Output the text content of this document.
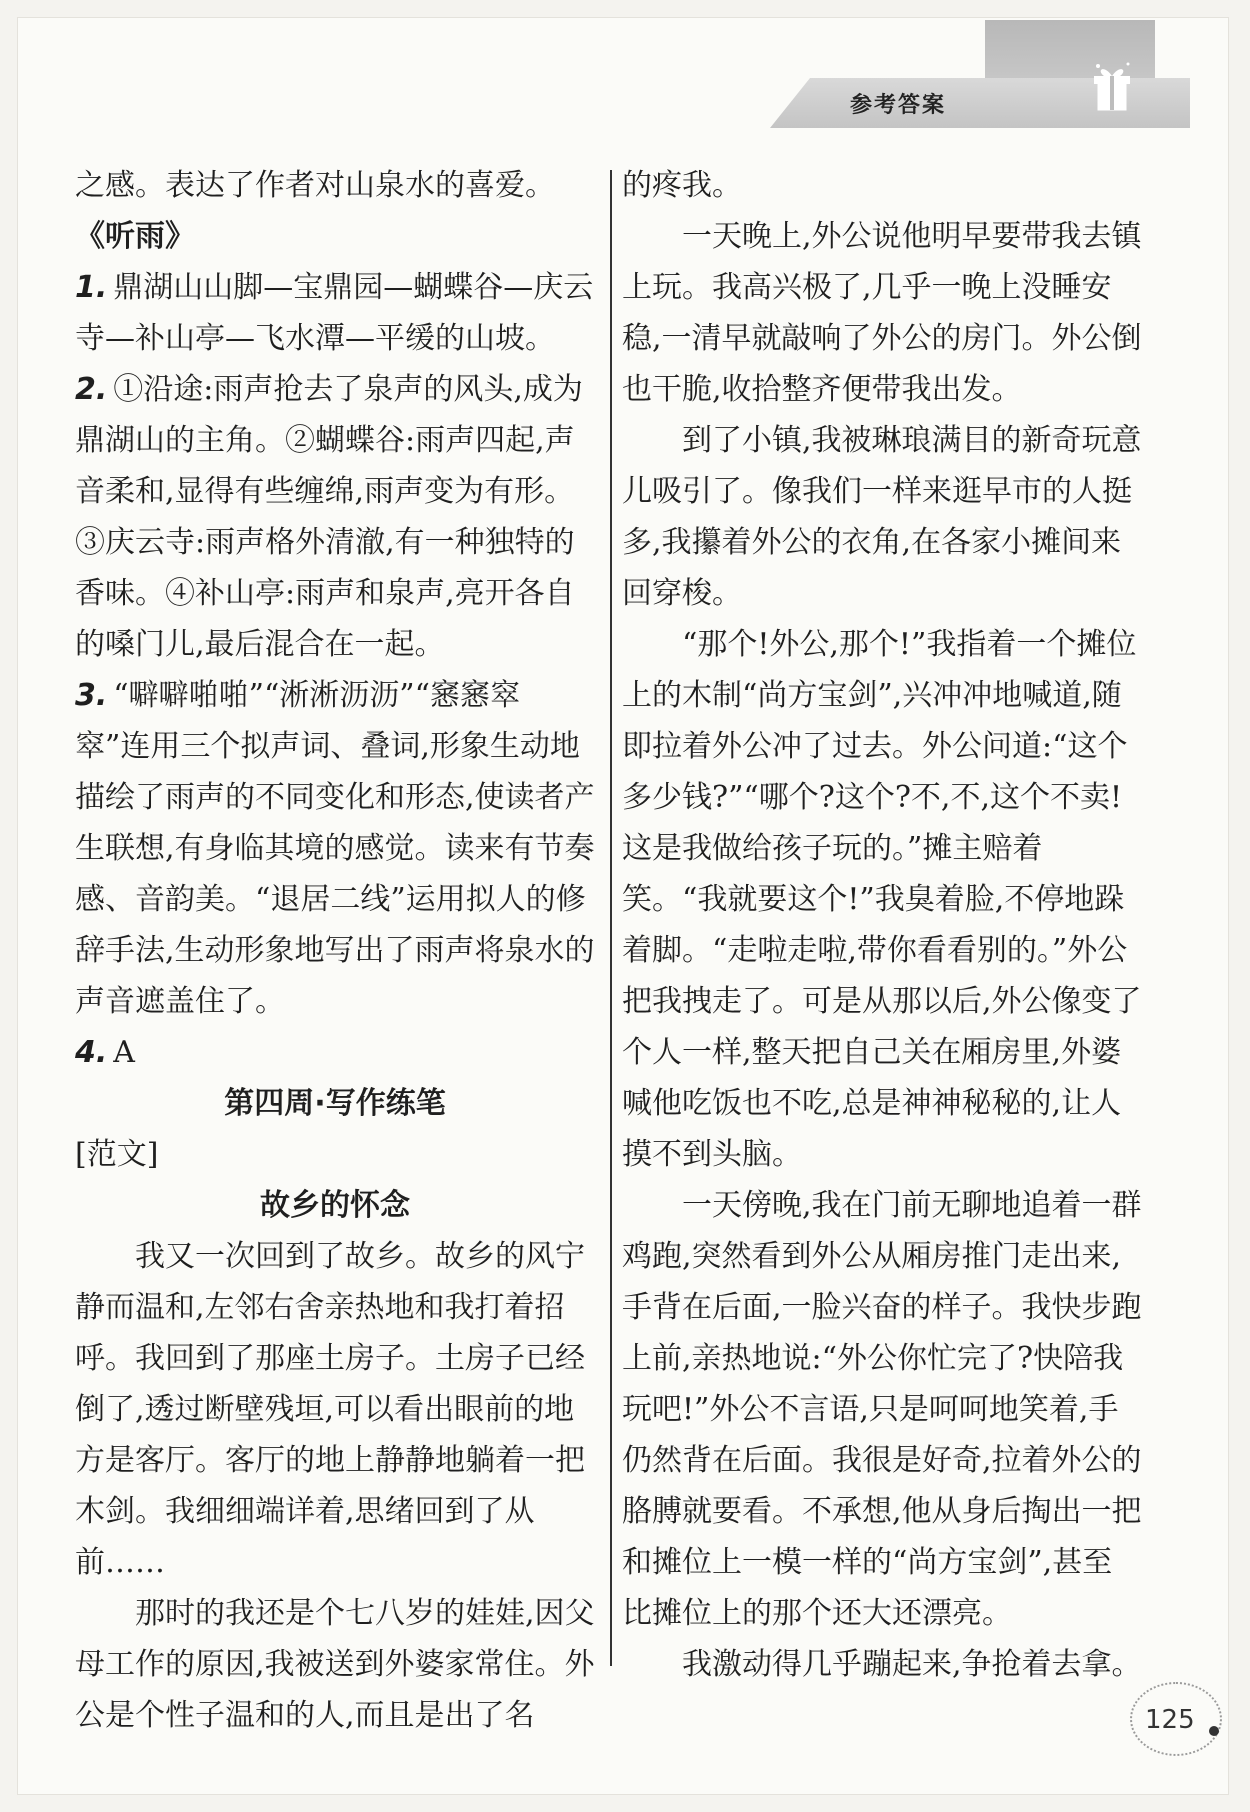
参考答案

之感。表达了作者对山泉水的喜爱。

《听雨》

1. 鼎湖山山脚—宝鼎园—蝴蝶谷—庆云寺—补山亭—飞水潭—平缓的山坡。

2. ①沿途:雨声抢去了泉声的风头,成为鼎湖山的主角。②蝴蝶谷:雨声四起,声音柔和,显得有些缠绵,雨声变为有形。③庆云寺:雨声格外清澈,有一种独特的香味。④补山亭:雨声和泉声,亮开各自的嗓门儿,最后混合在一起。

3. “噼噼啪啪”“淅淅沥沥”“窸窸窣窣”连用三个拟声词、叠词,形象生动地描绘了雨声的不同变化和形态,使读者产生联想,有身临其境的感觉。读来有节奏感、音韵美。“退居二线”运用拟人的修辞手法,生动形象地写出了雨声将泉水的声音遮盖住了。

4. A

第四周·写作练笔

[范文]

故乡的怀念

我又一次回到了故乡。故乡的风宁静而温和,左邻右舍亲热地和我打着招呼。我回到了那座土房子。土房子已经倒了,透过断壁残垣,可以看出眼前的地方是客厅。客厅的地上静静地躺着一把木剑。我细细端详着,思绪回到了从前……

那时的我还是个七八岁的娃娃,因父母工作的原因,我被送到外婆家常住。外公是个性子温和的人,而且是出了名

的疼我。

一天晚上,外公说他明早要带我去镇上玩。我高兴极了,几乎一晚上没睡安稳,一清早就敲响了外公的房门。外公倒也干脆,收拾整齐便带我出发。

到了小镇,我被琳琅满目的新奇玩意儿吸引了。像我们一样来逛早市的人挺多,我攥着外公的衣角,在各家小摊间来回穿梭。

“那个!外公,那个!”我指着一个摊位上的木制“尚方宝剑”,兴冲冲地喊道,随即拉着外公冲了过去。外公问道:“这个多少钱?”“哪个?这个?不,不,这个不卖!这是我做给孩子玩的。”摊主赔着笑。“我就要这个!”我臭着脸,不停地跺着脚。“走啦走啦,带你看看别的。”外公把我拽走了。可是从那以后,外公像变了个人一样,整天把自己关在厢房里,外婆喊他吃饭也不吃,总是神神秘秘的,让人摸不到头脑。

一天傍晚,我在门前无聊地追着一群鸡跑,突然看到外公从厢房推门走出来,手背在后面,一脸兴奋的样子。我快步跑上前,亲热地说:“外公你忙完了?快陪我玩吧!”外公不言语,只是呵呵地笑着,手仍然背在后面。我很是好奇,拉着外公的胳膊就要看。不承想,他从身后掏出一把和摊位上一模一样的“尚方宝剑”,甚至比摊位上的那个还大还漂亮。

我激动得几乎蹦起来,争抢着去拿。

125
